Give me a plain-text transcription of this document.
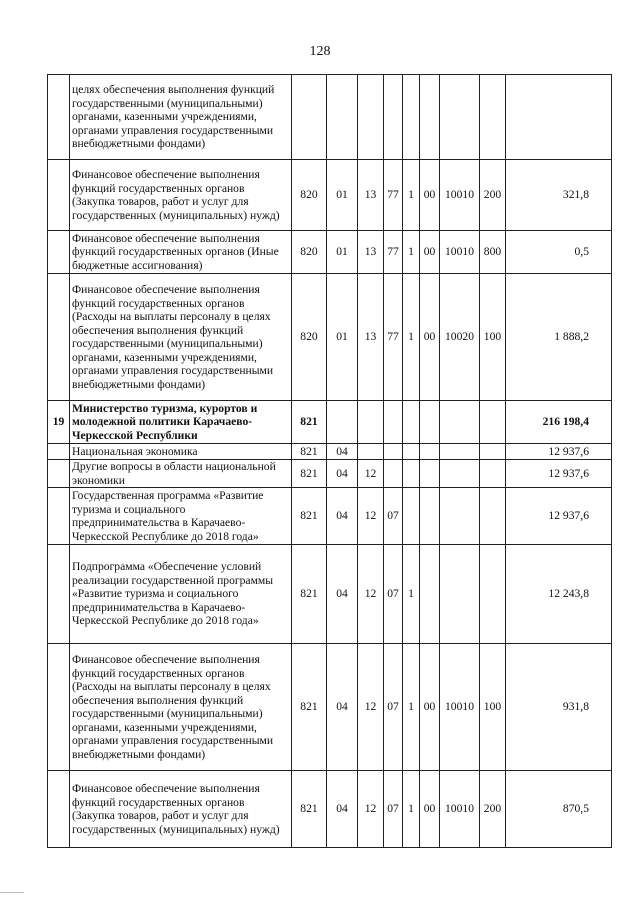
128
	целях обеспечения выполнения функций государственными (муниципальными) органами, казенными учреждениями, органами управления государственными внебюджетными фондами)									
	Финансовое обеспечение выполнения функций государственных органов (Закупка товаров, работ и услуг для государственных (муниципальных) нужд)	820	01	13	77	1	00	10010	200	321,8
	Финансовое обеспечение выполнения функций государственных органов (Иные бюджетные ассигнования)	820	01	13	77	1	00	10010	800	0,5
	Финансовое обеспечение выполнения функций государственных органов (Расходы на выплаты персоналу в целях обеспечения выполнения функций государственными (муниципальными) органами, казенными учреждениями, органами управления государственными внебюджетными фондами)	820	01	13	77	1	00	10020	100	1 888,2
19	Министерство туризма, курортов и молодежной политики Карачаево-Черкесской Республики	821								216 198,4
	Национальная экономика	821	04							12 937,6
	Другие вопросы в области национальной экономики	821	04	12						12 937,6
	Государственная программа «Развитие туризма и социального предпринимательства в Карачаево-Черкесской Республике до 2018 года»	821	04	12	07					12 937,6
	Подпрограмма «Обеспечение условий реализации государственной программы «Развитие туризма и социального предпринимательства в Карачаево-Черкесской Республике до 2018 года»	821	04	12	07	1				12 243,8
	Финансовое обеспечение выполнения функций государственных органов (Расходы на выплаты персоналу в целях обеспечения выполнения функций государственными (муниципальными) органами, казенными учреждениями, органами управления государственными внебюджетными фондами)	821	04	12	07	1	00	10010	100	931,8
	Финансовое обеспечение выполнения функций государственных органов (Закупка товаров, работ и услуг для государственных (муниципальных) нужд)	821	04	12	07	1	00	10010	200	870,5
